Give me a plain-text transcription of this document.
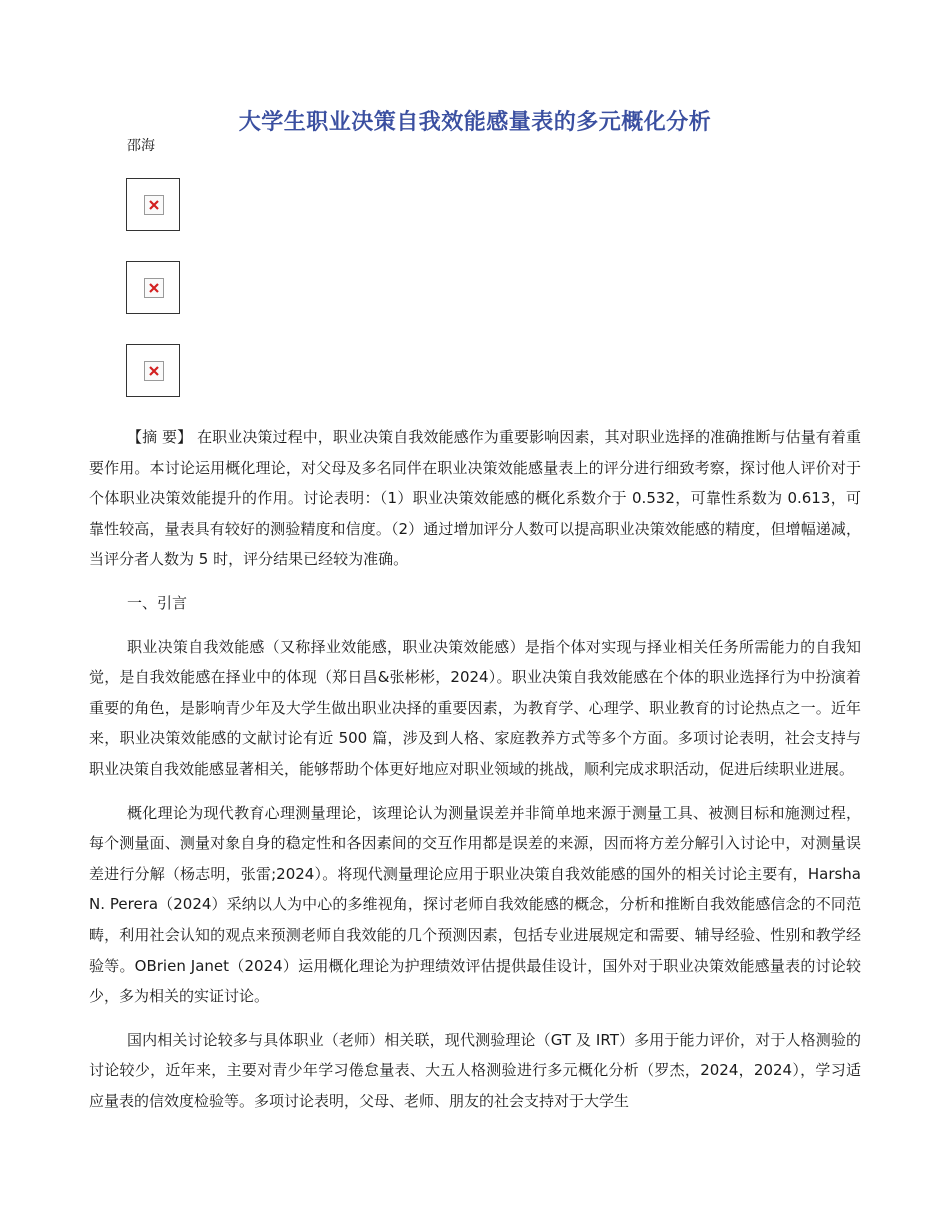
大学生职业决策自我效能感量表的多元概化分析
邵海

【摘 要】 在职业决策过程中，职业决策自我效能感作为重要影响因素，其对职业选择的准确推断与估量有着重要作用。本讨论运用概化理论，对父母及多名同伴在职业决策效能感量表上的评分进行细致考察，探讨他人评价对于个体职业决策效能提升的作用。讨论表明：（1）职业决策效能感的概化系数介于 0.532，可靠性系数为 0.613，可靠性较高，量表具有较好的测验精度和信度。（2）通过增加评分人数可以提高职业决策效能感的精度，但增幅递减，当评分者人数为 5 时，评分结果已经较为准确。

一、引言

职业决策自我效能感（又称择业效能感，职业决策效能感）是指个体对实现与择业相关任务所需能力的自我知觉，是自我效能感在择业中的体现（郑日昌&张彬彬，2024）。职业决策自我效能感在个体的职业选择行为中扮演着重要的角色，是影响青少年及大学生做出职业决择的重要因素，为教育学、心理学、职业教育的讨论热点之一。近年来，职业决策效能感的文献讨论有近 500 篇，涉及到人格、家庭教养方式等多个方面。多项讨论表明，社会支持与职业决策自我效能感显著相关，能够帮助个体更好地应对职业领域的挑战，顺利完成求职活动，促进后续职业进展。

概化理论为现代教育心理测量理论，该理论认为测量误差并非简单地来源于测量工具、被测目标和施测过程，每个测量面、测量对象自身的稳定性和各因素间的交互作用都是误差的来源，因而将方差分解引入讨论中，对测量误差进行分解（杨志明，张雷;2024）。将现代测量理论应用于职业决策自我效能感的国外的相关讨论主要有，Harsha N. Perera（2024）采纳以人为中心的多维视角，探讨老师自我效能感的概念，分析和推断自我效能感信念的不同范畴，利用社会认知的观点来预测老师自我效能的几个预测因素，包括专业进展规定和需要、辅导经验、性别和教学经验等。OBrien Janet（2024）运用概化理论为护理绩效评估提供最佳设计，国外对于职业决策效能感量表的讨论较少，多为相关的实证讨论。

国内相关讨论较多与具体职业（老师）相关联，现代测验理论（GT 及 IRT）多用于能力评价，对于人格测验的讨论较少，近年来，主要对青少年学习倦怠量表、大五人格测验进行多元概化分析（罗杰，2024，2024），学习适应量表的信效度检验等。多项讨论表明，父母、老师、朋友的社会支持对于大学生
